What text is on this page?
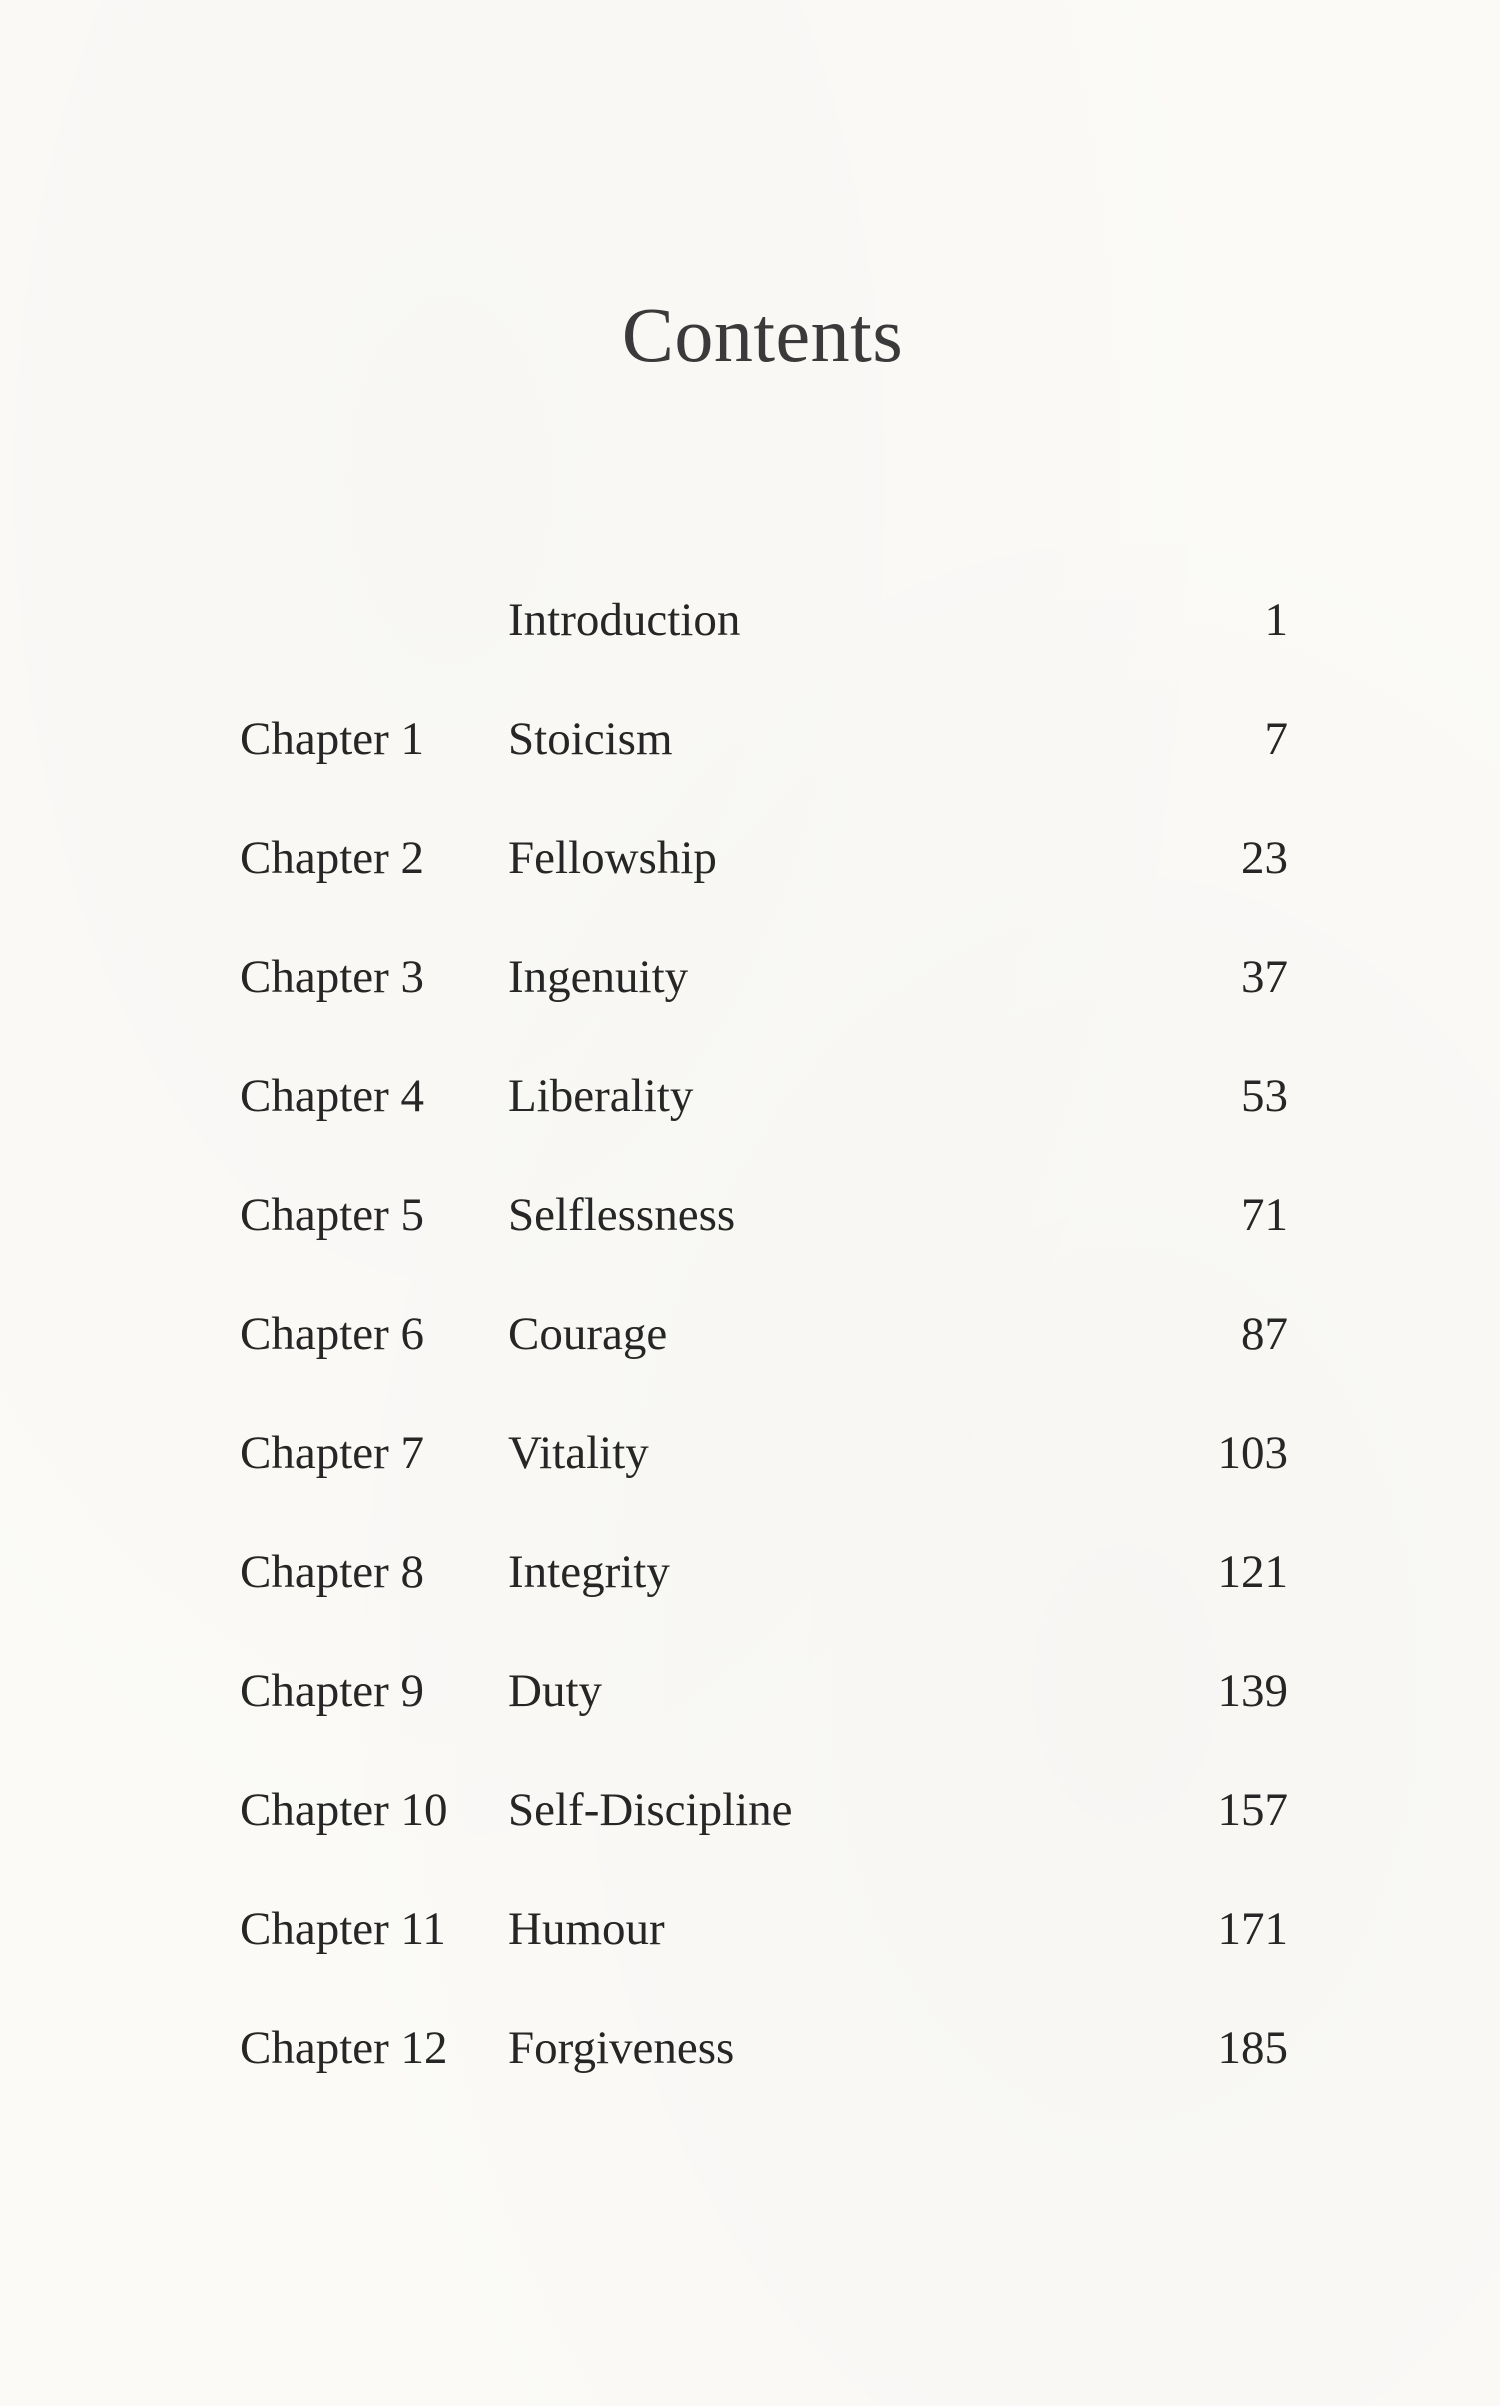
Contents
Introduction	1
Chapter 1 Stoicism	7
Chapter 2 Fellowship	23
Chapter 3 Ingenuity	37
Chapter 4 Liberality	53
Chapter 5 Selflessness	71
Chapter 6 Courage	87
Chapter 7 Vitality	103
Chapter 8 Integrity	121
Chapter 9 Duty	139
Chapter 10 Self-Discipline	157
Chapter 11 Humour	171
Chapter 12 Forgiveness	185
